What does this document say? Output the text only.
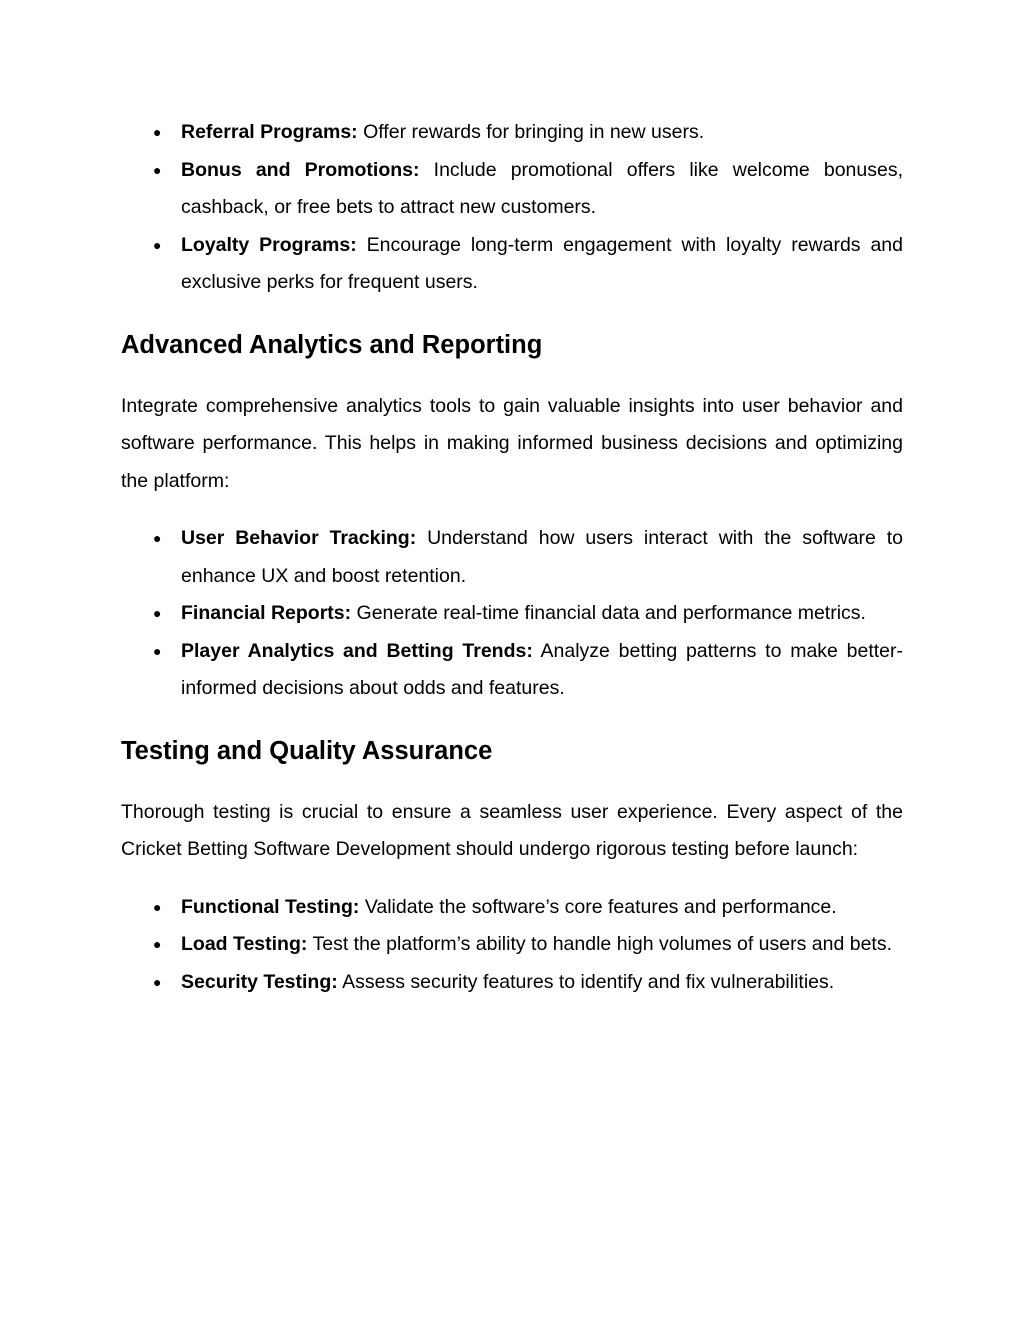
● Referral Programs: Offer rewards for bringing in new users.
● Bonus and Promotions: Include promotional offers like welcome bonuses, cashback, or free bets to attract new customers.
● Loyalty Programs: Encourage long-term engagement with loyalty rewards and exclusive perks for frequent users.
Advanced Analytics and Reporting

Integrate comprehensive analytics tools to gain valuable insights into user behavior and software performance. This helps in making informed business decisions and optimizing the platform:

● User Behavior Tracking: Understand how users interact with the software to enhance UX and boost retention.
● Financial Reports: Generate real-time financial data and performance metrics.
● Player Analytics and Betting Trends: Analyze betting patterns to make better-informed decisions about odds and features.
Testing and Quality Assurance

Thorough testing is crucial to ensure a seamless user experience. Every aspect of the Cricket Betting Software Development should undergo rigorous testing before launch:

● Functional Testing: Validate the software’s core features and performance.
● Load Testing: Test the platform’s ability to handle high volumes of users and bets.
● Security Testing: Assess security features to identify and fix vulnerabilities.
